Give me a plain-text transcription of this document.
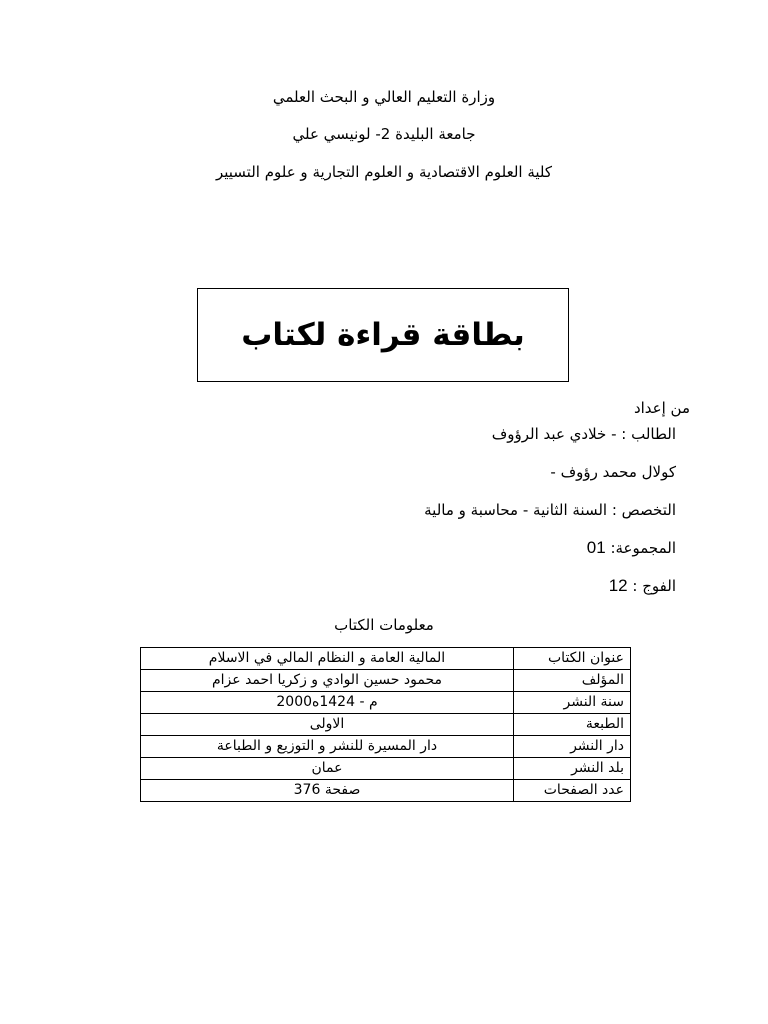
وزارة التعليم العالي و البحث العلمي
جامعة البليدة 2- لونيسي علي
كلية العلوم الاقتصادية و العلوم التجارية و علوم التسيير
بطاقة قراءة لكتاب
من إعداد
الطالب : - خلادي عبد الرؤوف
كولال محمد رؤوف -
التخصص : السنة الثانية - محاسبة و مالية
المجموعة: 01
الفوج : 12
معلومات الكتاب
عنوان الكتاب	المالية العامة و النظام المالي في الاسلام
المؤلف	محمود حسين الوادي و زكريا احمد عزام
سنة النشر	م - 1424ه2000
الطبعة	الاولى
دار النشر	دار المسيرة للنشر و التوزيع و الطباعة
بلد النشر	عمان
عدد الصفحات	صفحة 376
